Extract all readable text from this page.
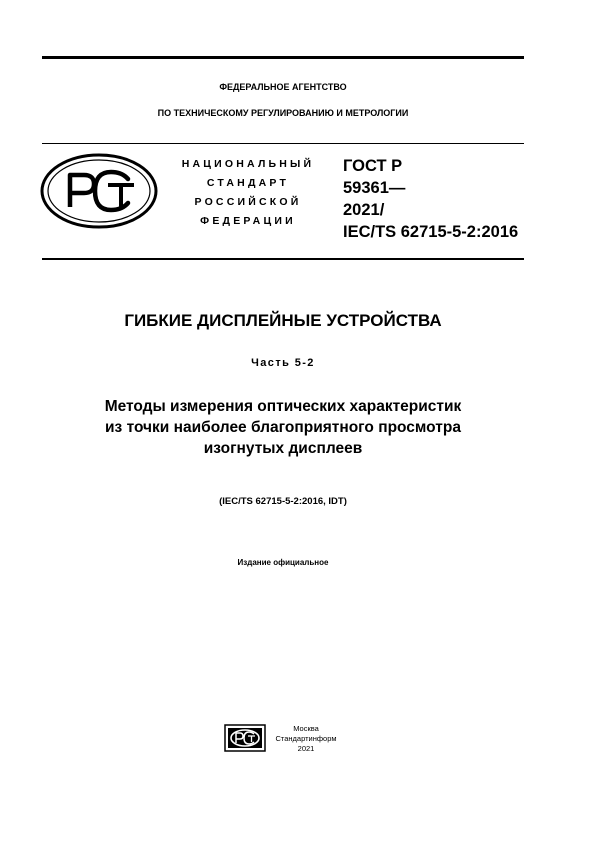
ФЕДЕРАЛЬНОЕ АГЕНТСТВО
ПО ТЕХНИЧЕСКОМУ РЕГУЛИРОВАНИЮ И МЕТРОЛОГИИ
НАЦИОНАЛЬНЫЙ
СТАНДАРТ
РОССИЙСКОЙ
ФЕДЕРАЦИИ
ГОСТ Р
59361—
2021/
IEC/TS 62715-5-2:2016
ГИБКИЕ ДИСПЛЕЙНЫЕ УСТРОЙСТВА
Часть 5-2
Методы измерения оптических характеристик
из точки наиболее благоприятного просмотра
изогнутых дисплеев
(IEC/TS 62715-5-2:2016, IDT)
Издание официальное
Москва
Стандартинформ
2021
